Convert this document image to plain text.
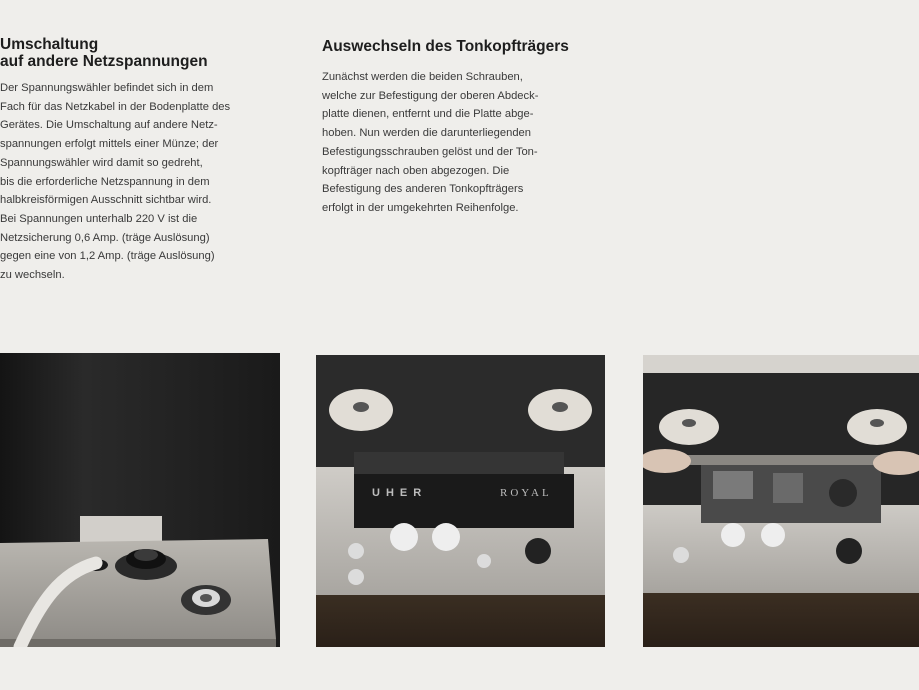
Umschaltung
auf andere Netzspannungen
Der Spannungswähler befindet sich in dem
Fach für das Netzkabel in der Bodenplatte des
Gerätes. Die Umschaltung auf andere Netz-
spannungen erfolgt mittels einer Münze; der
Spannungswähler wird damit so gedreht,
bis die erforderliche Netzspannung in dem
halbkreisförmigen Ausschnitt sichtbar wird.
Bei Spannungen unterhalb 220 V ist die
Netzsicherung 0,6 Amp. (träge Auslösung)
gegen eine von 1,2 Amp. (träge Auslösung)
zu wechseln.
Auswechseln des Tonkopfträgers
Zunächst werden die beiden Schrauben,
welche zur Befestigung der oberen Abdeck-
platte dienen, entfernt und die Platte abge-
hoben. Nun werden die darunterliegenden
Befestigungsschrauben gelöst und der Ton-
kopfträger nach oben abgezogen. Die
Befestigung des anderen Tonkopfträgers
erfolgt in der umgekehrten Reihenfolge.
UHER	ROYAL
